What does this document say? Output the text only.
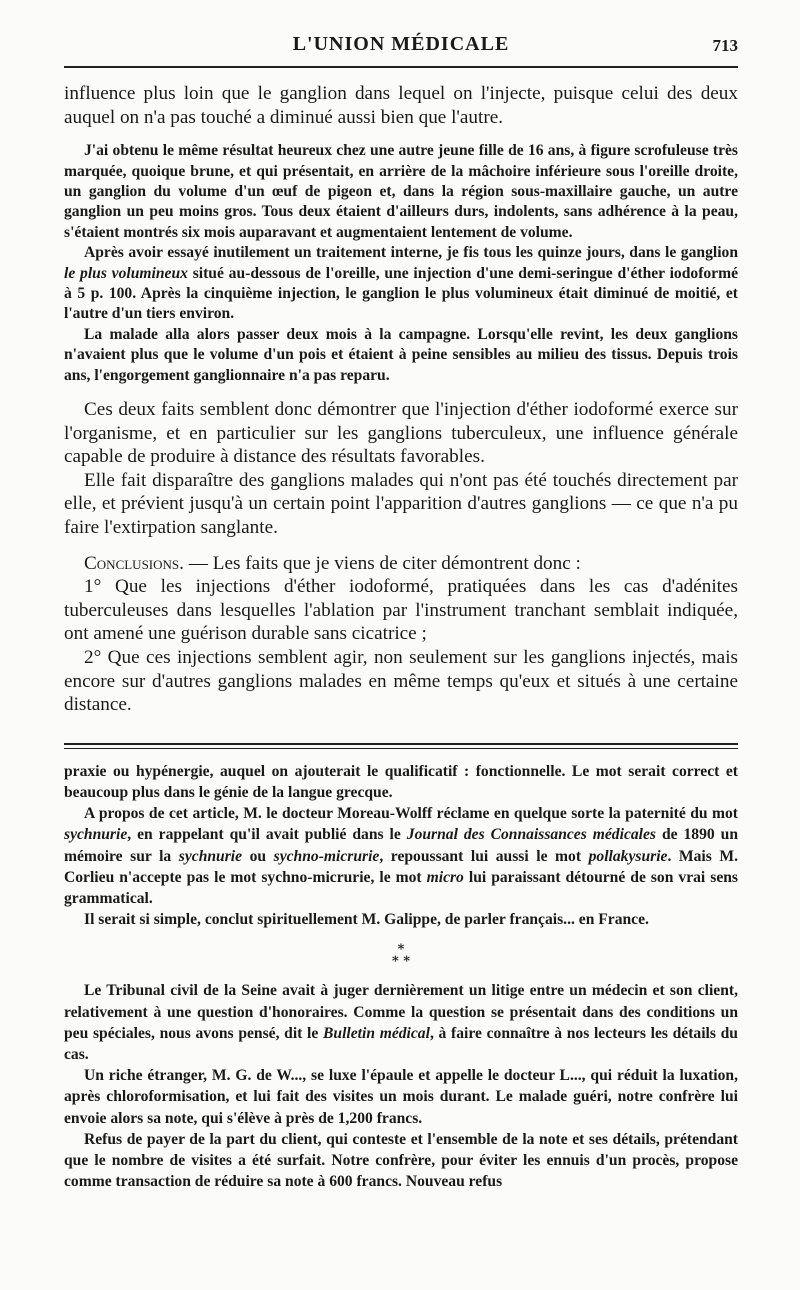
L'UNION MÉDICALE	713

influence plus loin que le ganglion dans lequel on l'injecte, puisque celui des deux auquel on n'a pas touché a diminué aussi bien que l'autre.

J'ai obtenu le même résultat heureux chez une autre jeune fille de 16 ans, à figure scrofuleuse très marquée, quoique brune, et qui présentait, en arrière de la mâchoire inférieure sous l'oreille droite, un ganglion du volume d'un œuf de pigeon et, dans la région sous-maxillaire gauche, un autre ganglion un peu moins gros. Tous deux étaient d'ailleurs durs, indolents, sans adhérence à la peau, s'étaient montrés six mois auparavant et augmentaient lentement de volume.

Après avoir essayé inutilement un traitement interne, je fis tous les quinze jours, dans le ganglion le plus volumineux situé au-dessous de l'oreille, une injection d'une demi-seringue d'éther iodoformé à 5 p. 100. Après la cinquième injection, le ganglion le plus volumineux était diminué de moitié, et l'autre d'un tiers environ.

La malade alla alors passer deux mois à la campagne. Lorsqu'elle revint, les deux ganglions n'avaient plus que le volume d'un pois et étaient à peine sensibles au milieu des tissus. Depuis trois ans, l'engorgement ganglionnaire n'a pas reparu.

Ces deux faits semblent donc démontrer que l'injection d'éther iodoformé exerce sur l'organisme, et en particulier sur les ganglions tuberculeux, une influence générale capable de produire à distance des résultats favorables.

Elle fait disparaître des ganglions malades qui n'ont pas été touchés directement par elle, et prévient jusqu'à un certain point l'apparition d'autres ganglions — ce que n'a pu faire l'extirpation sanglante.

Conclusions. — Les faits que je viens de citer démontrent donc :

1° Que les injections d'éther iodoformé, pratiquées dans les cas d'adénites tuberculeuses dans lesquelles l'ablation par l'instrument tranchant semblait indiquée, ont amené une guérison durable sans cicatrice ;

2° Que ces injections semblent agir, non seulement sur les ganglions injectés, mais encore sur d'autres ganglions malades en même temps qu'eux et situés à une certaine distance.

praxie ou hypénergie, auquel on ajouterait le qualificatif : fonctionnelle. Le mot serait correct et beaucoup plus dans le génie de la langue grecque.

A propos de cet article, M. le docteur Moreau-Wolff réclame en quelque sorte la paternité du mot sychnurie, en rappelant qu'il avait publié dans le Journal des Connaissances médicales de 1890 un mémoire sur la sychnurie ou sychno-micrurie, repoussant lui aussi le mot pollakysurie. Mais M. Corlieu n'accepte pas le mot sychno-micrurie, le mot micro lui paraissant détourné de son vrai sens grammatical.

Il serait si simple, conclut spirituellement M. Galippe, de parler français... en France.

*
* *

Le Tribunal civil de la Seine avait à juger dernièrement un litige entre un médecin et son client, relativement à une question d'honoraires. Comme la question se présentait dans des conditions un peu spéciales, nous avons pensé, dit le Bulletin médical, à faire connaître à nos lecteurs les détails du cas.

Un riche étranger, M. G. de W..., se luxe l'épaule et appelle le docteur L..., qui réduit la luxation, après chloroformisation, et lui fait des visites un mois durant. Le malade guéri, notre confrère lui envoie alors sa note, qui s'élève à près de 1,200 francs.

Refus de payer de la part du client, qui conteste et l'ensemble de la note et ses détails, prétendant que le nombre de visites a été surfait. Notre confrère, pour éviter les ennuis d'un procès, propose comme transaction de réduire sa note à 600 francs. Nouveau refus
